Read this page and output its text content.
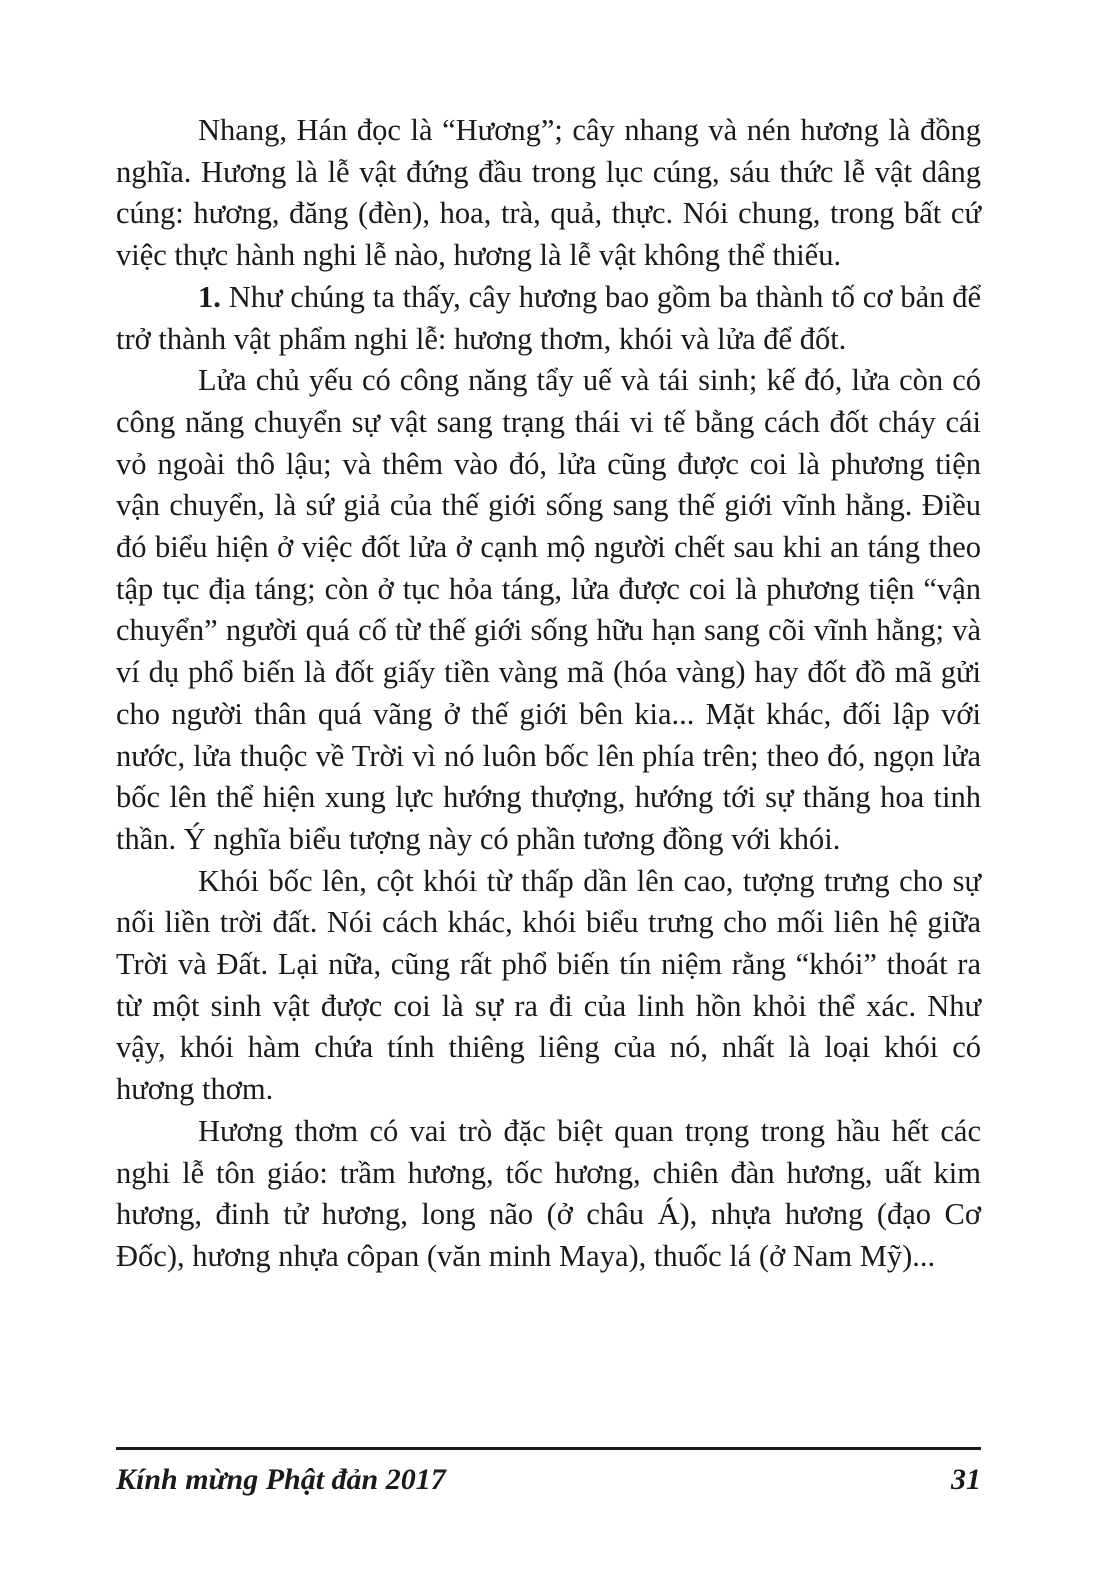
Nhang, Hán đọc là “Hương”; cây nhang và nén hương là đồng nghĩa. Hương là lễ vật đứng đầu trong lục cúng, sáu thức lễ vật dâng cúng: hương, đăng (đèn), hoa, trà, quả, thực. Nói chung, trong bất cứ việc thực hành nghi lễ nào, hương là lễ vật không thể thiếu.

1. Như chúng ta thấy, cây hương bao gồm ba thành tố cơ bản để trở thành vật phẩm nghi lễ: hương thơm, khói và lửa để đốt.

Lửa chủ yếu có công năng tẩy uế và tái sinh; kế đó, lửa còn có công năng chuyển sự vật sang trạng thái vi tế bằng cách đốt cháy cái vỏ ngoài thô lậu; và thêm vào đó, lửa cũng được coi là phương tiện vận chuyển, là sứ giả của thế giới sống sang thế giới vĩnh hằng. Điều đó biểu hiện ở việc đốt lửa ở cạnh mộ người chết sau khi an táng theo tập tục địa táng; còn ở tục hỏa táng, lửa được coi là phương tiện “vận chuyển” người quá cố từ thế giới sống hữu hạn sang cõi vĩnh hằng; và ví dụ phổ biến là đốt giấy tiền vàng mã (hóa vàng) hay đốt đồ mã gửi cho người thân quá vãng ở thế giới bên kia... Mặt khác, đối lập với nước, lửa thuộc về Trời vì nó luôn bốc lên phía trên; theo đó, ngọn lửa bốc lên thể hiện xung lực hướng thượng, hướng tới sự thăng hoa tinh thần. Ý nghĩa biểu tượng này có phần tương đồng với khói.

Khói bốc lên, cột khói từ thấp dần lên cao, tượng trưng cho sự nối liền trời đất. Nói cách khác, khói biểu trưng cho mối liên hệ giữa Trời và Đất. Lại nữa, cũng rất phổ biến tín niệm rằng “khói” thoát ra từ một sinh vật được coi là sự ra đi của linh hồn khỏi thể xác. Như vậy, khói hàm chứa tính thiêng liêng của nó, nhất là loại khói có hương thơm.

Hương thơm có vai trò đặc biệt quan trọng trong hầu hết các nghi lễ tôn giáo: trầm hương, tốc hương, chiên đàn hương, uất kim hương, đinh tử hương, long não (ở châu Á), nhựa hương (đạo Cơ Đốc), hương nhựa côpan (văn minh Maya), thuốc lá (ở Nam Mỹ)...

Kính mừng Phật đản 2017	31
